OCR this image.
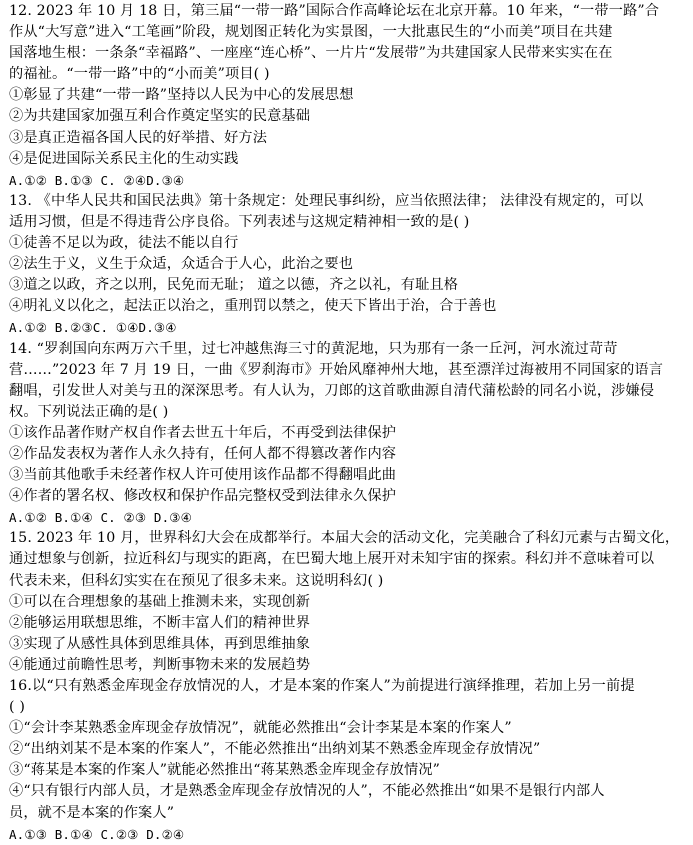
12. 2023 年 10 月 18 日，第三届“一带一路”国际合作高峰论坛在北京开幕。10 年来，“一带一路”合
作从“大写意”进入“工笔画”阶段，规划图正转化为实景图，一大批惠民生的“小而美”项目在共建
国落地生根：一条条“幸福路”、一座座“连心桥”、一片片“发展带”为共建国家人民带来实实在在
的福祉。“一带一路”中的“小而美”项目( )
①彰显了共建“一带一路”坚持以人民为中心的发展思想
②为共建国家加强互利合作奠定坚实的民意基础
③是真正造福各国人民的好举措、好方法
④是促进国际关系民主化的生动实践
A.①② B.①③ C. ②④D.③④
13. 《中华人民共和国民法典》第十条规定：处理民事纠纷，应当依照法律； 法律没有规定的，可以
适用习惯，但是不得违背公序良俗。下列表述与这规定精神相一致的是( )
①徒善不足以为政，徒法不能以自行
②法生于义，义生于众适，众适合于人心，此治之要也
③道之以政，齐之以刑，民免而无耻； 道之以德，齐之以礼，有耻且格
④明礼义以化之，起法正以治之，重刑罚以禁之，使天下皆出于治，合于善也
A.①② B.②③C. ①④D.③④
14. “罗刹国向东两万六千里，过七冲越焦海三寸的黄泥地，只为那有一条一丘河，河水流过苛苛
营……”2023 年 7 月 19 日，一曲《罗刹海市》开始风靡神州大地，甚至漂洋过海被用不同国家的语言
翻唱，引发世人对美与丑的深深思考。有人认为，刀郎的这首歌曲源自清代蒲松龄的同名小说，涉嫌侵
权。下列说法正确的是( )
①该作品著作财产权自作者去世五十年后，不再受到法律保护
②作品发表权为著作人永久持有，任何人都不得篡改著作内容
③当前其他歌手未经著作权人许可使用该作品都不得翻唱此曲
④作者的署名权、修改权和保护作品完整权受到法律永久保护
A.①② B.①④ C. ②③ D.③④
15. 2023 年 10 月，世界科幻大会在成都举行。本届大会的活动文化，完美融合了科幻元素与古蜀文化，
通过想象与创新，拉近科幻与现实的距离，在巴蜀大地上展开对未知宇宙的探索。科幻并不意味着可以
代表未来，但科幻实实在在预见了很多未来。这说明科幻( )
①可以在合理想象的基础上推测未来，实现创新
②能够运用联想思维，不断丰富人们的精神世界
③实现了从感性具体到思维具体，再到思维抽象
④能通过前瞻性思考，判断事物未来的发展趋势
16.以“只有熟悉金库现金存放情况的人，才是本案的作案人”为前提进行演绎推理，若加上另一前提
( )
①“会计李某熟悉金库现金存放情况”，就能必然推出“会计李某是本案的作案人”
②“出纳刘某不是本案的作案人”，不能必然推出“出纳刘某不熟悉金库现金存放情况”
③“蒋某是本案的作案人”就能必然推出“蒋某熟悉金库现金存放情况”
④“只有银行内部人员，才是熟悉金库现金存放情况的人”，不能必然推出“如果不是银行内部人
员，就不是本案的作案人”
A.①③ B.①④ C.②③ D.②④
